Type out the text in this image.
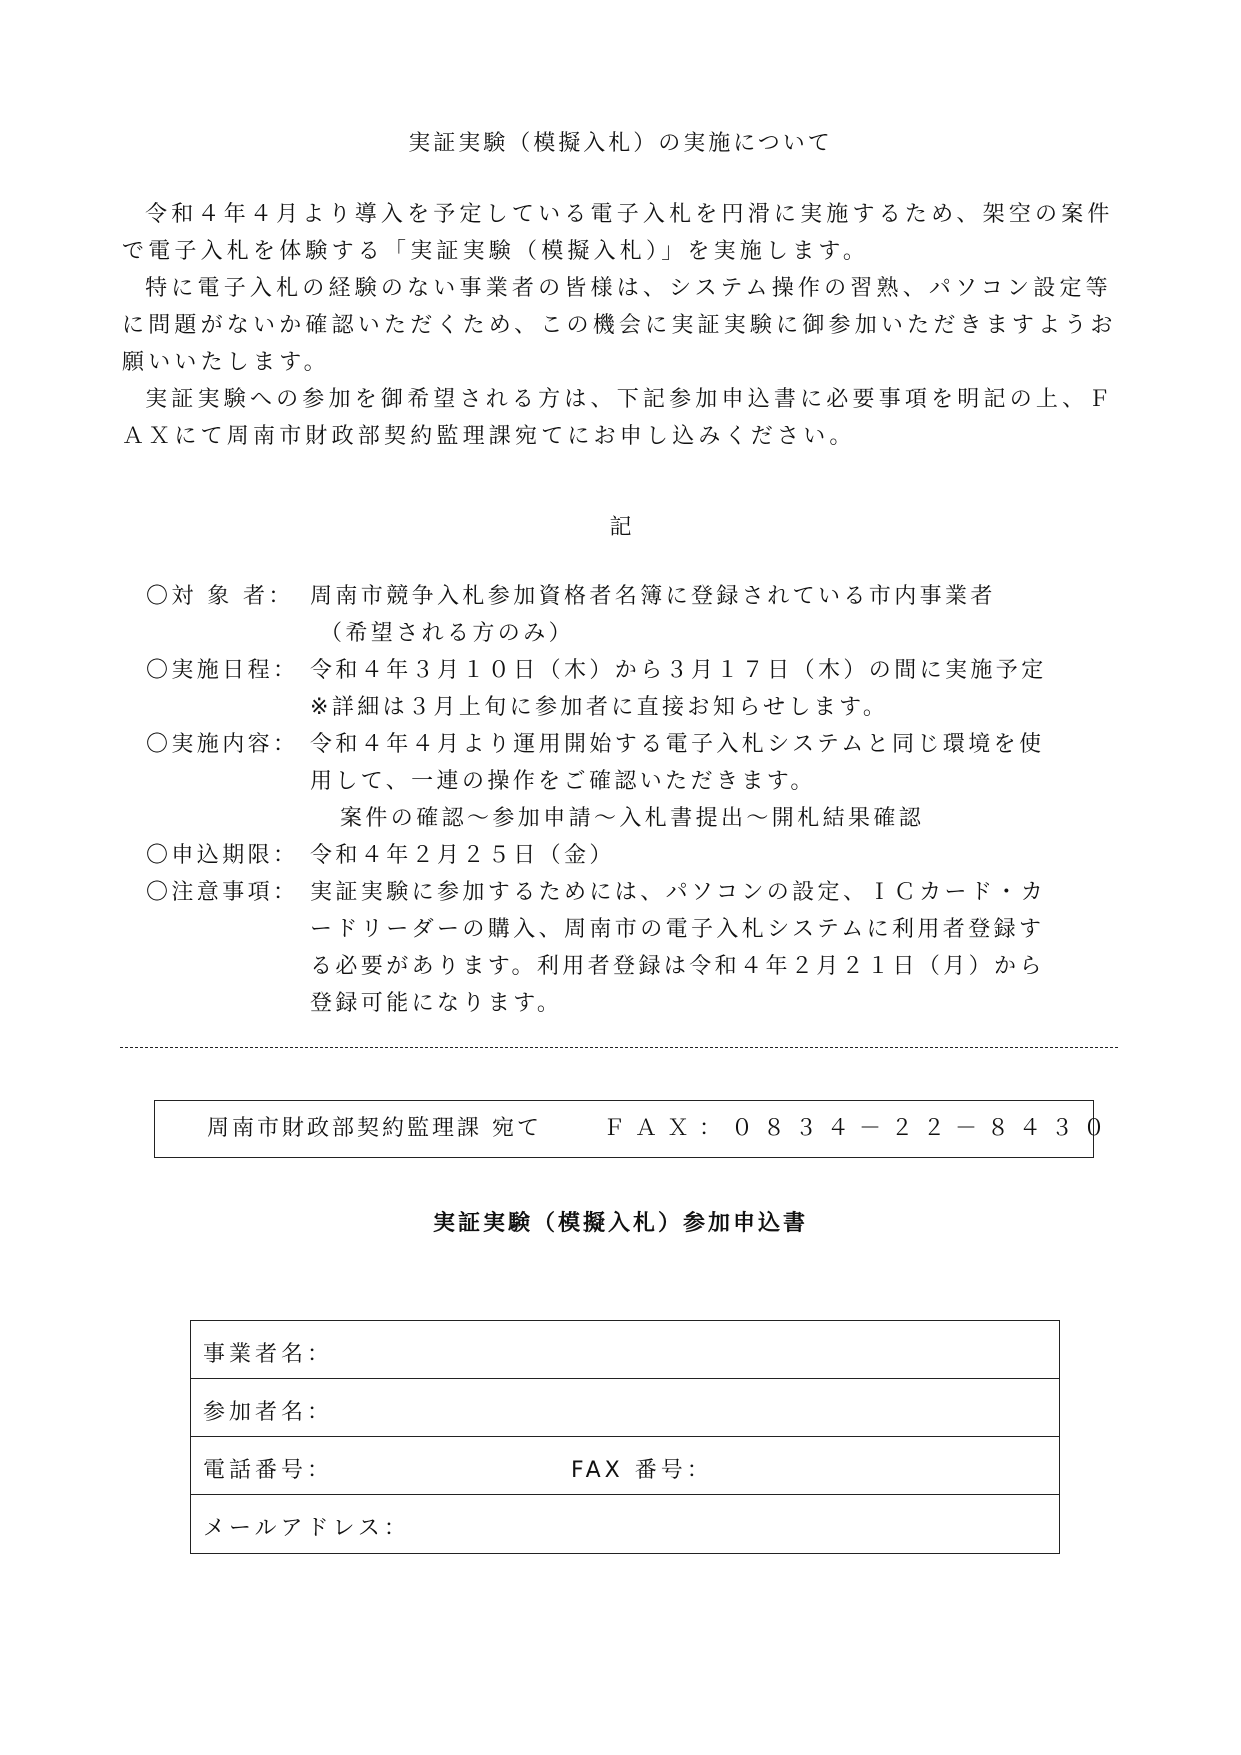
実証実験（模擬入札）の実施について

令和４年４月より導入を予定している電子入札を円滑に実施するため、架空の案件で電子入札を体験する「実証実験（模擬入札）」を実施します。

特に電子入札の経験のない事業者の皆様は、システム操作の習熟、パソコン設定等に問題がないか確認いただくため、この機会に実証実験に御参加いただきますようお願いいたします。

実証実験への参加を御希望される方は、下記参加申込書に必要事項を明記の上、ＦＡＸにて周南市財政部契約監理課宛てにお申し込みください。

記
〇対 象 者： 周南市競争入札参加資格者名簿に登録されている市内事業者
（希望される方のみ）
〇実施日程： 令和４年３月１０日（木）から３月１７日（木）の間に実施予定
※詳細は３月上旬に参加者に直接お知らせします。
〇実施内容： 令和４年４月より運用開始する電子入札システムと同じ環境を使
用して、一連の操作をご確認いただきます。
案件の確認～参加申請～入札書提出～開札結果確認
〇申込期限： 令和４年２月２５日（金）
〇注意事項： 実証実験に参加するためには、パソコンの設定、ＩＣカード・カ
ードリーダーの購入、周南市の電子入札システムに利用者登録す
る必要があります。利用者登録は令和４年２月２１日（月）から
登録可能になります。
周南市財政部契約監理課 宛て	ＦＡＸ：０８３４－２２－８４３０
実証実験（模擬入札）参加申込書
事業者名：
参加者名：
電話番号：	FAX 番号：
メールアドレス：
